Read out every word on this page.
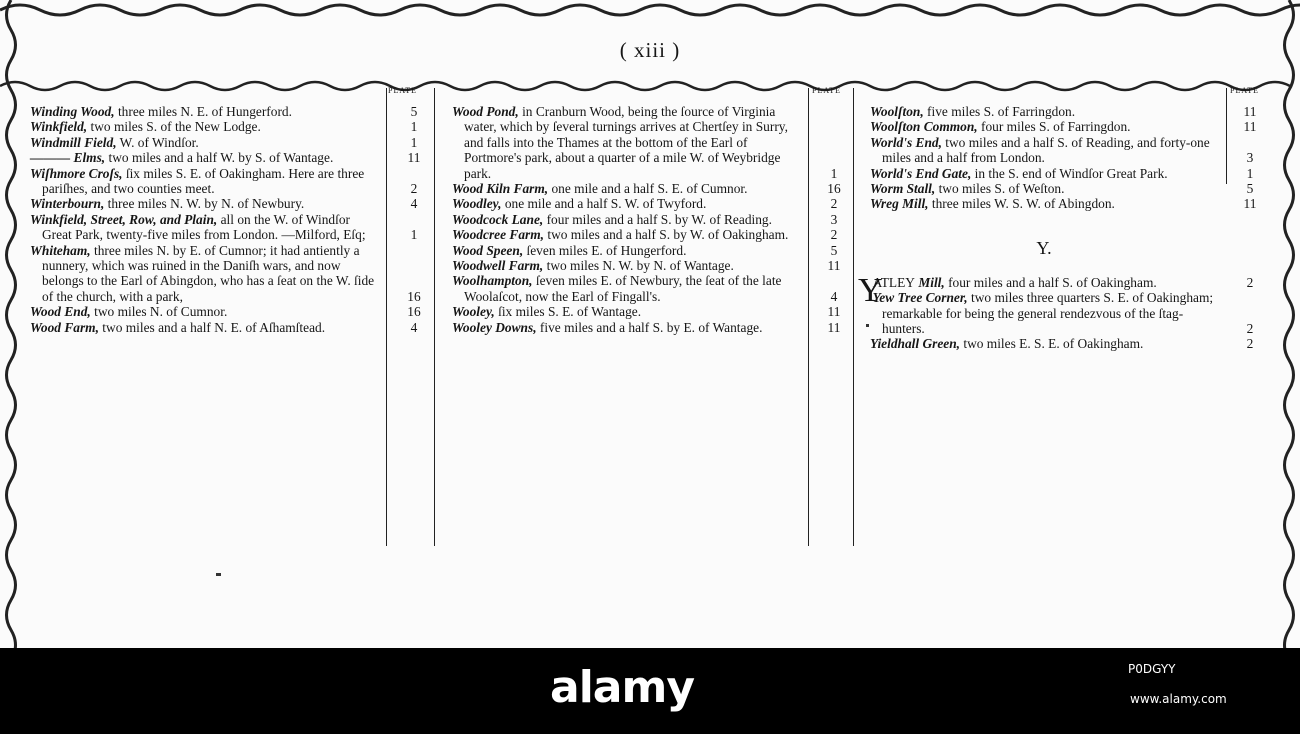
( xiii )
PLATE	PLATE	PLATE
Winding Wood, three miles N. E. of Hungerford.	5
Winkfield, two miles S. of the New Lodge.	1
Windmill Field, W. of Windſor.	1
——— Elms, two miles and a half W. by S. of Wantage.	11
Wiſhmore Croſs, ſix miles S. E. of Oakingham. Here are three pariſhes, and two counties meet.	2
Winterbourn, three miles N. W. by N. of Newbury.	4
Winkfield, Street, Row, and Plain, all on the W. of Windſor Great Park, twenty-five miles from London. —Milford, Eſq;	1
Whiteham, three miles N. by E. of Cumnor; it had antiently a nunnery, which was ruined in the Daniſh wars, and now belongs to the Earl of Abingdon, who has a ſeat on the W. ſide of the church, with a park,	16
Wood End, two miles N. of Cumnor.	16
Wood Farm, two miles and a half N. E. of Aſhamſtead.	4
Wood Pond, in Cranburn Wood, being the ſource of Virginia water, which by ſeveral turnings arrives at Chertſey in Surry, and falls into the Thames at the bottom of the Earl of Portmore's park, about a quarter of a mile W. of Weybridge park.	1
Wood Kiln Farm, one mile and a half S. E. of Cumnor.	16
Woodley, one mile and a half S. W. of Twyford.	2
Woodcock Lane, four miles and a half S. by W. of Reading.	3
Woodcree Farm, two miles and a half S. by W. of Oakingham.	2
Wood Speen, ſeven miles E. of Hungerford.	5
Woodwell Farm, two miles N. W. by N. of Wantage.	11
Woolhampton, ſeven miles E. of Newbury, the ſeat of the late Woolaſcot, now the Earl of Fingall's.	4
Wooley, ſix miles S. E. of Wantage.	11
Wooley Downs, five miles and a half S. by E. of Wantage.	11
Woolſton, five miles S. of Farringdon.	11
Woolſton Common, four miles S. of Farringdon.	11
World's End, two miles and a half S. of Reading, and forty-one miles and a half from London.	3
World's End Gate, in the S. end of Windſor Great Park.	1
Worm Stall, two miles S. of Weſton.	5
Wreg Mill, three miles W. S. W. of Abingdon.	11
Y.
Y
ATLEY Mill, four miles and a half S. of Oakingham.	2
Yew Tree Corner, two miles three quarters S. E. of Oakingham; remarkable for being the general rendezvous of the ſtag-hunters.	2
Yieldhall Green, two miles E. S. E. of Oakingham.	2
alamy	P0DGYY
www.alamy.com
